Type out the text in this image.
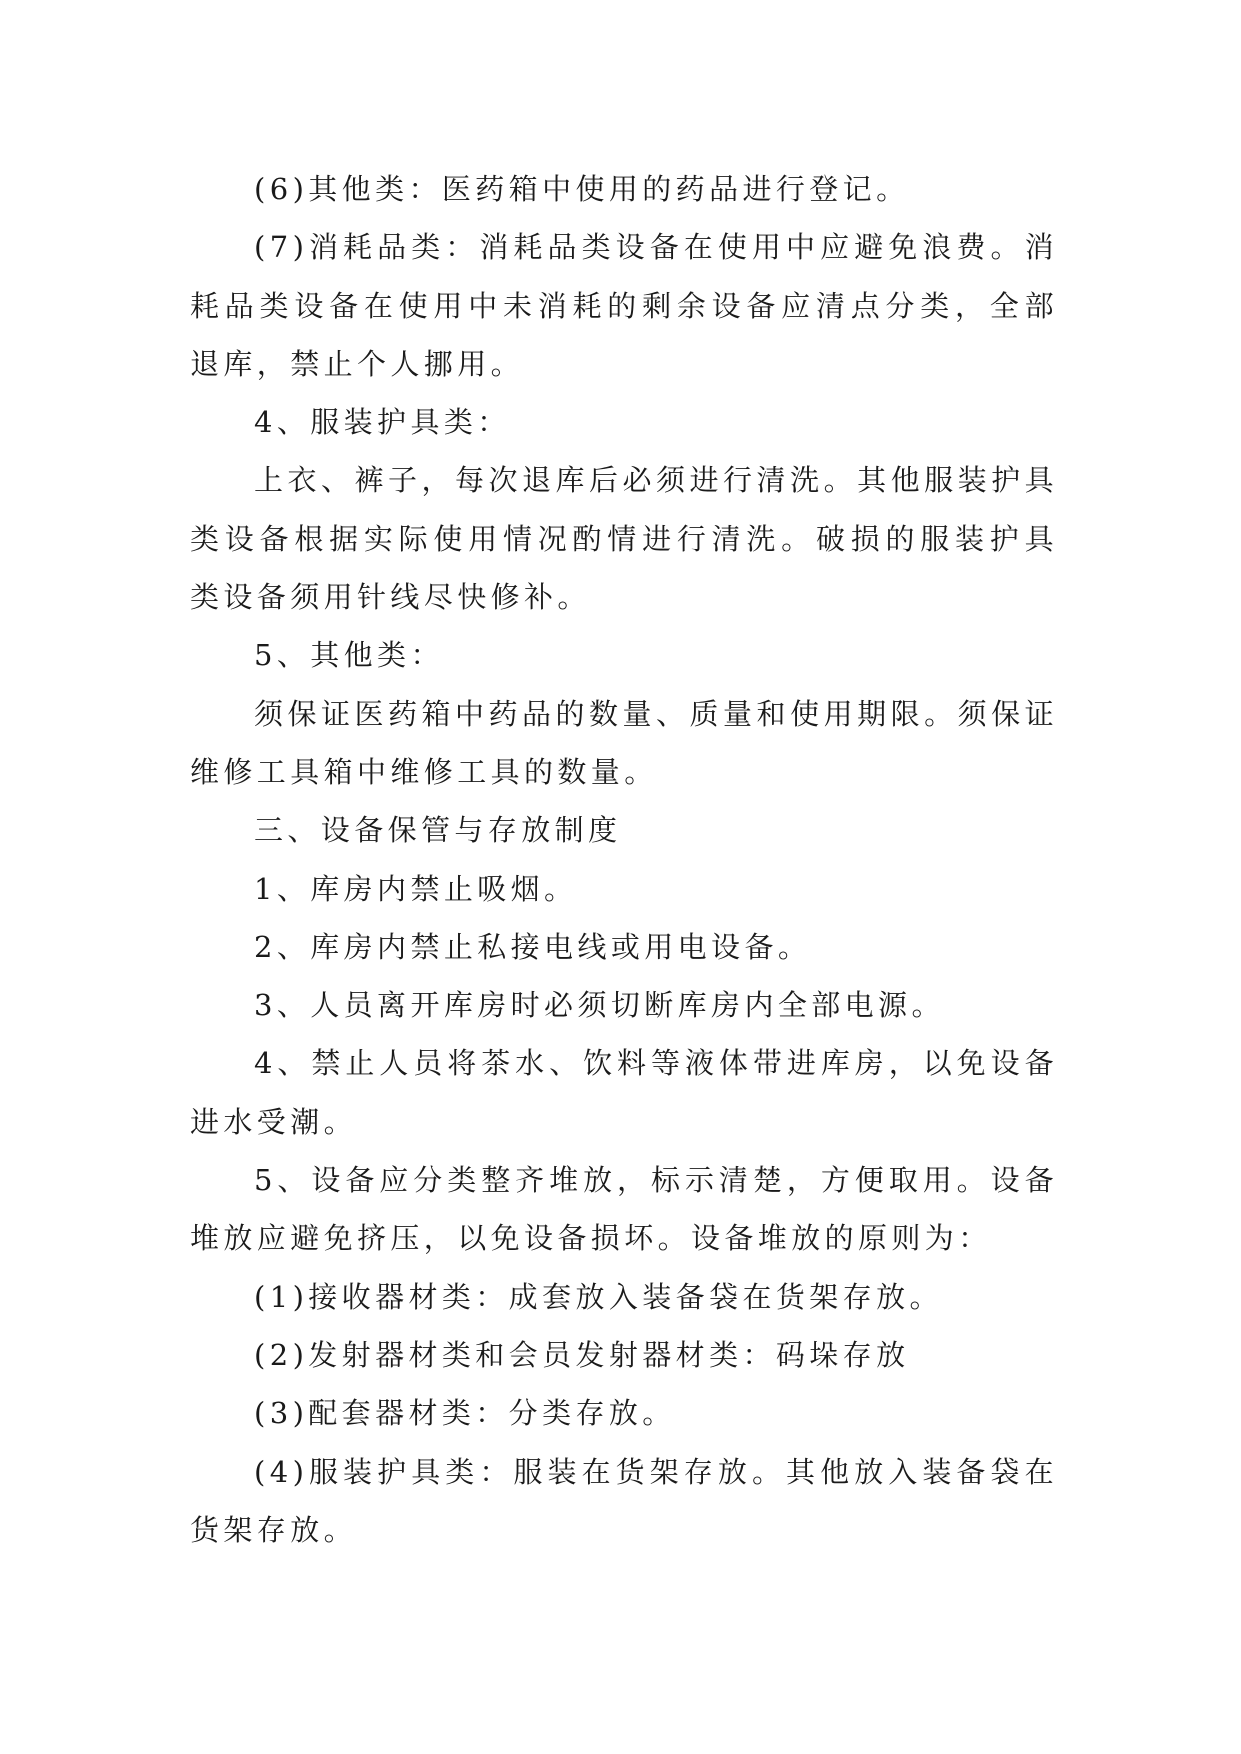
(6)其他类：医药箱中使用的药品进行登记。

(7)消耗品类：消耗品类设备在使用中应避免浪费。消耗品类设备在使用中未消耗的剩余设备应清点分类，全部退库，禁止个人挪用。

4、服装护具类：

上衣、裤子，每次退库后必须进行清洗。其他服装护具类设备根据实际使用情况酌情进行清洗。破损的服装护具类设备须用针线尽快修补。

5、其他类：

须保证医药箱中药品的数量、质量和使用期限。须保证维修工具箱中维修工具的数量。

三、设备保管与存放制度

1、库房内禁止吸烟。

2、库房内禁止私接电线或用电设备。

3、人员离开库房时必须切断库房内全部电源。

4、禁止人员将茶水、饮料等液体带进库房，以免设备进水受潮。

5、设备应分类整齐堆放，标示清楚，方便取用。设备堆放应避免挤压，以免设备损坏。设备堆放的原则为：

(1)接收器材类：成套放入装备袋在货架存放。

(2)发射器材类和会员发射器材类：码垛存放

(3)配套器材类：分类存放。

(4)服装护具类：服装在货架存放。其他放入装备袋在货架存放。
